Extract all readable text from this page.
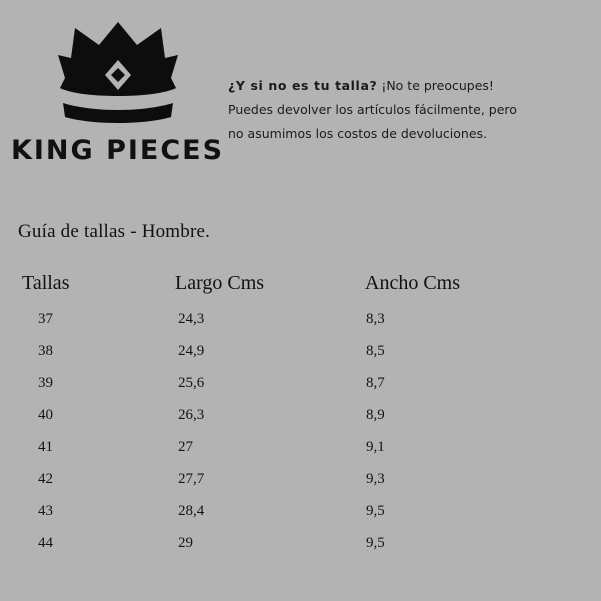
KING PIECES
¿Y si no es tu talla? ¡No te preocupes!
Puedes devolver los artículos fácilmente, pero
no asumimos los costos de devoluciones.
Guía de tallas - Hombre.
Tallas	Largo Cms	Ancho Cms
37	24,3	8,3
38	24,9	8,5
39	25,6	8,7
40	26,3	8,9
41	27	9,1
42	27,7	9,3
43	28,4	9,5
44	29	9,5
